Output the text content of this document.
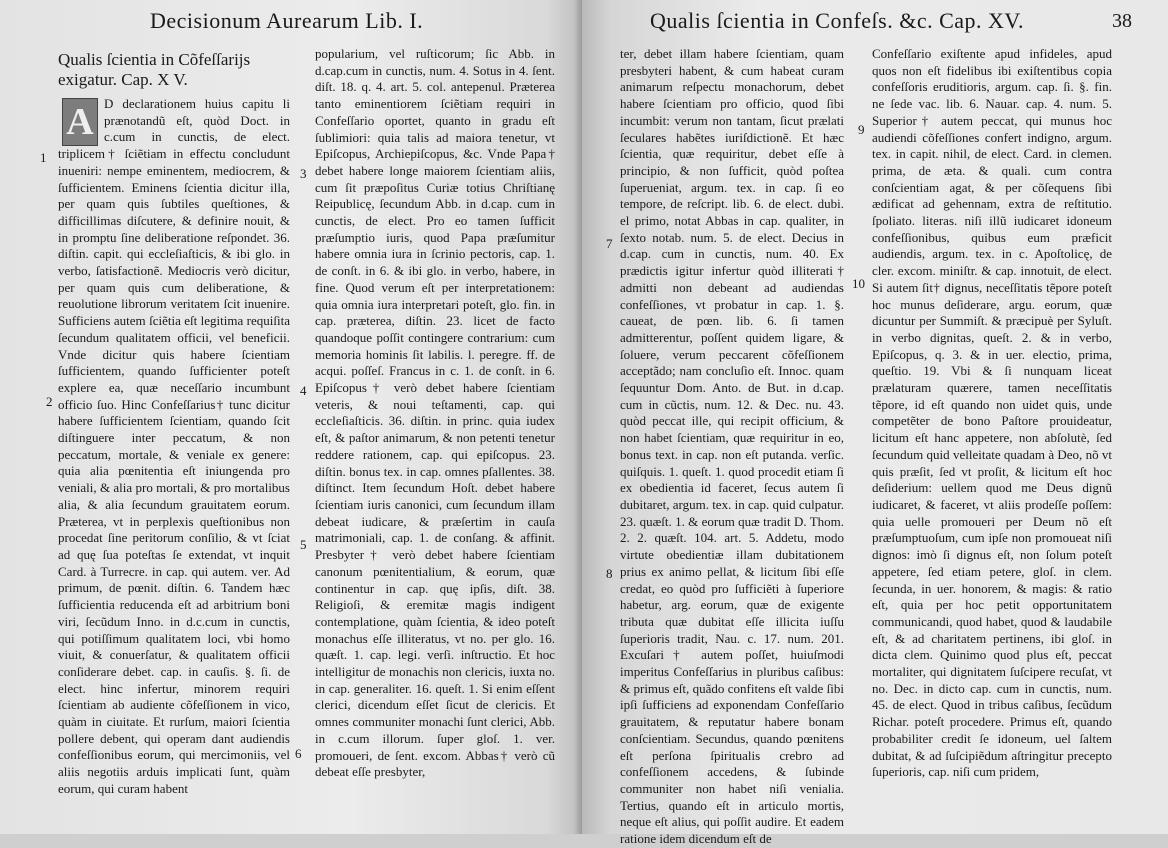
Decisionum Aurearum Lib. I.
Qualis ſcientia in Cõfeſſarijs exigatur. Cap. X V.
A D declarationem huius capitu li prænotandũ eſt, quòd Doct. in c.cum in cunctis, de elect. triplicem† ſciẽtiam in effectu concludunt inueniri: nempe eminentem, mediocrem, & ſufficientem. Eminens ſcientia dicitur illa, per quam quis ſubtiles queſtiones, & difficillimas diſcutere, & definire nouit, & in promptu ſine deliberatione reſpondet. 36. diſtin. capit. qui eccleſiaſticis, & ibi glo. in verbo, ſatisfactionẽ. Mediocris verò dicitur, per quam quis cum deliberatione, & reuolutione librorum veritatem ſcit inuenire. Sufficiens autem ſciẽtia eſt legitima requiſita ſecundum qualitatem officii, vel beneficii. Vnde dicitur quis habere ſcientiam ſufficientem, quando ſufficienter poteſt explere ea, quæ neceſſario incumbunt officio ſuo. Hinc Confeſſarius† tunc dicitur habere ſufficientem ſcientiam, quando ſcit diſtinguere inter peccatum, & non peccatum, mortale, & veniale ex genere: quia alia pœnitentia eſt iniungenda pro veniali, & alia pro mortali, & pro mortalibus alia, & alia ſecundum grauitatem eorum. Præterea, vt in perplexis queſtionibus non procedat ſine peritorum conſilio, & vt ſciat ad quę ſua poteſtas ſe extendat, vt inquit Card. à Turrecre. in cap. qui autem. ver. Ad primum, de pœnit. diſtin. 6. Tandem hæc ſufficientia reducenda eſt ad arbitrium boni viri, ſecũdum Inno. in d.c.cum in cunctis, qui potiſſimum qualitatem loci, vbi homo viuit, & conuerſatur, & qualitatem officii conſiderare debet. cap. in cauſis. §. ſi. de elect. hinc infertur, minorem requiri ſcientiam ab audiente cõfeſſionem in vico, quàm in ciuitate. Et rurſum, maiori ſcientia pollere debent, qui operam dant audiendis confeſſionibus eorum, qui mercimoniis, vel aliis negotiis arduis implicati ſunt, quàm eorum, qui curam habent

popularium, vel ruſticorum; ſic Abb. in d.cap.cum in cunctis, num. 4. Sotus in 4. ſent. diſt. 18. q. 4. art. 5. col. antepenul. Præterea tanto eminentiorem ſciẽtiam requiri in Confeſſario oportet, quanto in gradu eſt ſublimiori: quia talis ad maiora tenetur, vt Epiſcopus, Archiepiſcopus, &c. Vnde Papa† debet habere longe maiorem ſcientiam aliis, cum ſit præpoſitus Curiæ totius Chriſtianę Reipublicę, ſecundum Abb. in d.cap. cum in cunctis, de elect. Pro eo tamen ſufficit præſumptio iuris, quod Papa præſumitur habere omnia iura in ſcrinio pectoris, cap. 1. de conſt. in 6. & ibi glo. in verbo, habere, in fine. Quod verum eſt per interpretationem: quia omnia iura interpretari poteſt, glo. fin. in cap. præterea, diſtin. 23. licet de facto quandoque poſſit contingere contrarium: cum memoria hominis ſit labilis. l. peregre. ff. de acqui. poſſeſ. Francus in c. 1. de conſt. in 6. Epiſcopus† verò debet habere ſcientiam veteris, & noui teſtamenti, cap. qui eccleſiaſticis. 36. diſtin. in princ. quia iudex eſt, & paſtor animarum, & non petenti tenetur reddere rationem, cap. qui epiſcopus. 23. diſtin. bonus tex. in cap. omnes pſallentes. 38. diſtinct. Item ſecundum Hoſt. debet habere ſcientiam iuris canonici, cum ſecundum illam debeat iudicare, & præſertim in cauſa matrimoniali, cap. 1. de conſang. & affinit. Presbyter† verò debet habere ſcientiam canonum pœnitentialium, & eorum, quæ continentur in cap. quę ipſis, diſt. 38. Religioſi, & eremitæ magis indigent contemplatione, quàm ſcientia, & ideo poteſt monachus eſſe illiteratus, vt no. per glo. 16. quæſt. 1. cap. legi. verſi. inſtructio. Et hoc intelligitur de monachis non clericis, iuxta no. in cap. generaliter. 16. queſt. 1. Si enim eſſent clerici, dicendum eſſet ſicut de clericis. Et omnes communiter monachi ſunt clerici, Abb. in c.cum illorum. ſuper gloſ. 1. ver. promoueri, de ſent. excom. Abbas† verò cũ debeat eſſe presbyter,

1
2
3
4
5
6
Qualis ſcientia in Confeſs. &c. Cap. XV.	38

ter, debet illam habere ſcientiam, quam presbyteri habent, & cum habeat curam animarum reſpectu monachorum, debet habere ſcientiam pro officio, quod ſibi incumbit: verum non tantam, ſicut prælati ſeculares habẽtes iuriſdictionẽ. Et hæc ſcientia, quæ requiritur, debet eſſe à principio, & non ſufficit, quòd poſtea ſuperueniat, argum. tex. in cap. ſi eo tempore, de reſcript. lib. 6. de elect. dubi. el primo, notat Abbas in cap. qualiter, in ſexto notab. num. 5. de elect. Decius in d.cap. cum in cunctis, num. 40. Ex prædictis igitur infertur quòd illiterati† admitti non debeant ad audiendas confeſſiones, vt probatur in cap. 1. §. caueat, de pœn. lib. 6. ſi tamen admitterentur, poſſent quidem ligare, & ſoluere, verum peccarent cõfeſſionem acceptãdo; nam concluſio eſt. Innoc. quam ſequuntur Dom. Anto. de But. in d.cap. cum in cũctis, num. 12. & Dec. nu. 43. quòd peccat ille, qui recipit officium, & non habet ſcientiam, quæ requiritur in eo, bonus text. in cap. non eſt putanda. verſic. quiſquis. 1. queſt. 1. quod procedit etiam ſi ex obedientia id faceret, ſecus autem ſi dubitaret, argum. tex. in cap. quid culpatur. 23. quæſt. 1. & eorum quæ tradit D. Thom. 2. 2. quæſt. 104. art. 5. Addetu, modo virtute obedientiæ illam dubitationem prius ex animo pellat, & licitum ſibi eſſe credat, eo quòd pro ſufficiẽti à ſuperiore habetur, arg. eorum, quæ de exigente tributa quæ dubitat eſſe illicita iuſſu ſuperioris tradit, Nau. c. 17. num. 201. Excuſari† autem poſſet, huiuſmodi imperitus Confeſſarius in pluribus caſibus: & primus eſt, quãdo confitens eſt valde ſibi ipſi ſufficiens ad exponendam Confeſſario grauitatem, & reputatur habere bonam conſcientiam. Secundus, quando pœnitens eſt perſona ſpiritualis crebro ad confeſſionem accedens, & ſubinde communiter non habet niſi venialia. Tertius, quando eſt in articulo mortis, neque eſt alius, qui poſſit audire. Et eadem ratione idem dicendum eſt de

Confeſſario exiſtente apud infideles, apud quos non eſt fidelibus ibi exiſtentibus copia confeſſoris eruditioris, argum. cap. ſi. §. fin. ne ſede vac. lib. 6. Nauar. cap. 4. num. 5. Superior† autem peccat, qui munus hoc audiendi cõfeſſiones confert indigno, argum. tex. in capit. nihil, de elect. Card. in clemen. prima, de æta. & quali. cum contra conſcientiam agat, & per cõſequens ſibi ædificat ad gehennam, extra de reſtitutio. ſpoliato. literas. niſi illũ iudicaret idoneum confeſſionibus, quibus eum præficit audiendis, argum. tex. in c. Apoſtolicę, de cler. excom. miniſtr. & cap. innotuit, de elect. Si autem ſit† dignus, neceſſitatis tẽpore poteſt hoc munus deſiderare, argu. eorum, quæ dicuntur per Summiſt. & præcipuè per Syluſt. in verbo dignitas, queſt. 2. & in verbo, Epiſcopus, q. 3. & in uer. electio, prima, queſtio. 19. Vbi & ſi nunquam liceat prælaturam quærere, tamen neceſſitatis tẽpore, id eſt quando non uidet quis, unde competẽter de bono Paſtore prouideatur, licitum eſt hanc appetere, non abſolutè, ſed ſecundum quid velleitate quadam à Deo, nõ vt quis præſit, ſed vt proſit, & licitum eſt hoc deſiderium: uellem quod me Deus dignũ iudicaret, & faceret, vt aliis prodeſſe poſſem: quia uelle promoueri per Deum nõ eſt præſumptuoſum, cum ipſe non promoueat niſi dignos: imò ſi dignus eſt, non ſolum poteſt appetere, ſed etiam petere, gloſ. in clem. ſecunda, in uer. honorem, & magis: & ratio eſt, quia per hoc petit opportunitatem communicandi, quod habet, quod & laudabile eſt, & ad charitatem pertinens, ibi gloſ. in dicta clem. Quinimo quod plus eſt, peccat mortaliter, qui dignitatem ſuſcipere recuſat, vt no. Dec. in dicto cap. cum in cunctis, num. 45. de elect. Quod in tribus caſibus, ſecũdum Richar. poteſt procedere. Primus eſt, quando probabiliter credit ſe idoneum, uel ſaltem dubitat, & ad ſuſcipiẽdum aſtringitur precepto ſuperioris, cap. niſi cum pridem,

7
8
9
10
